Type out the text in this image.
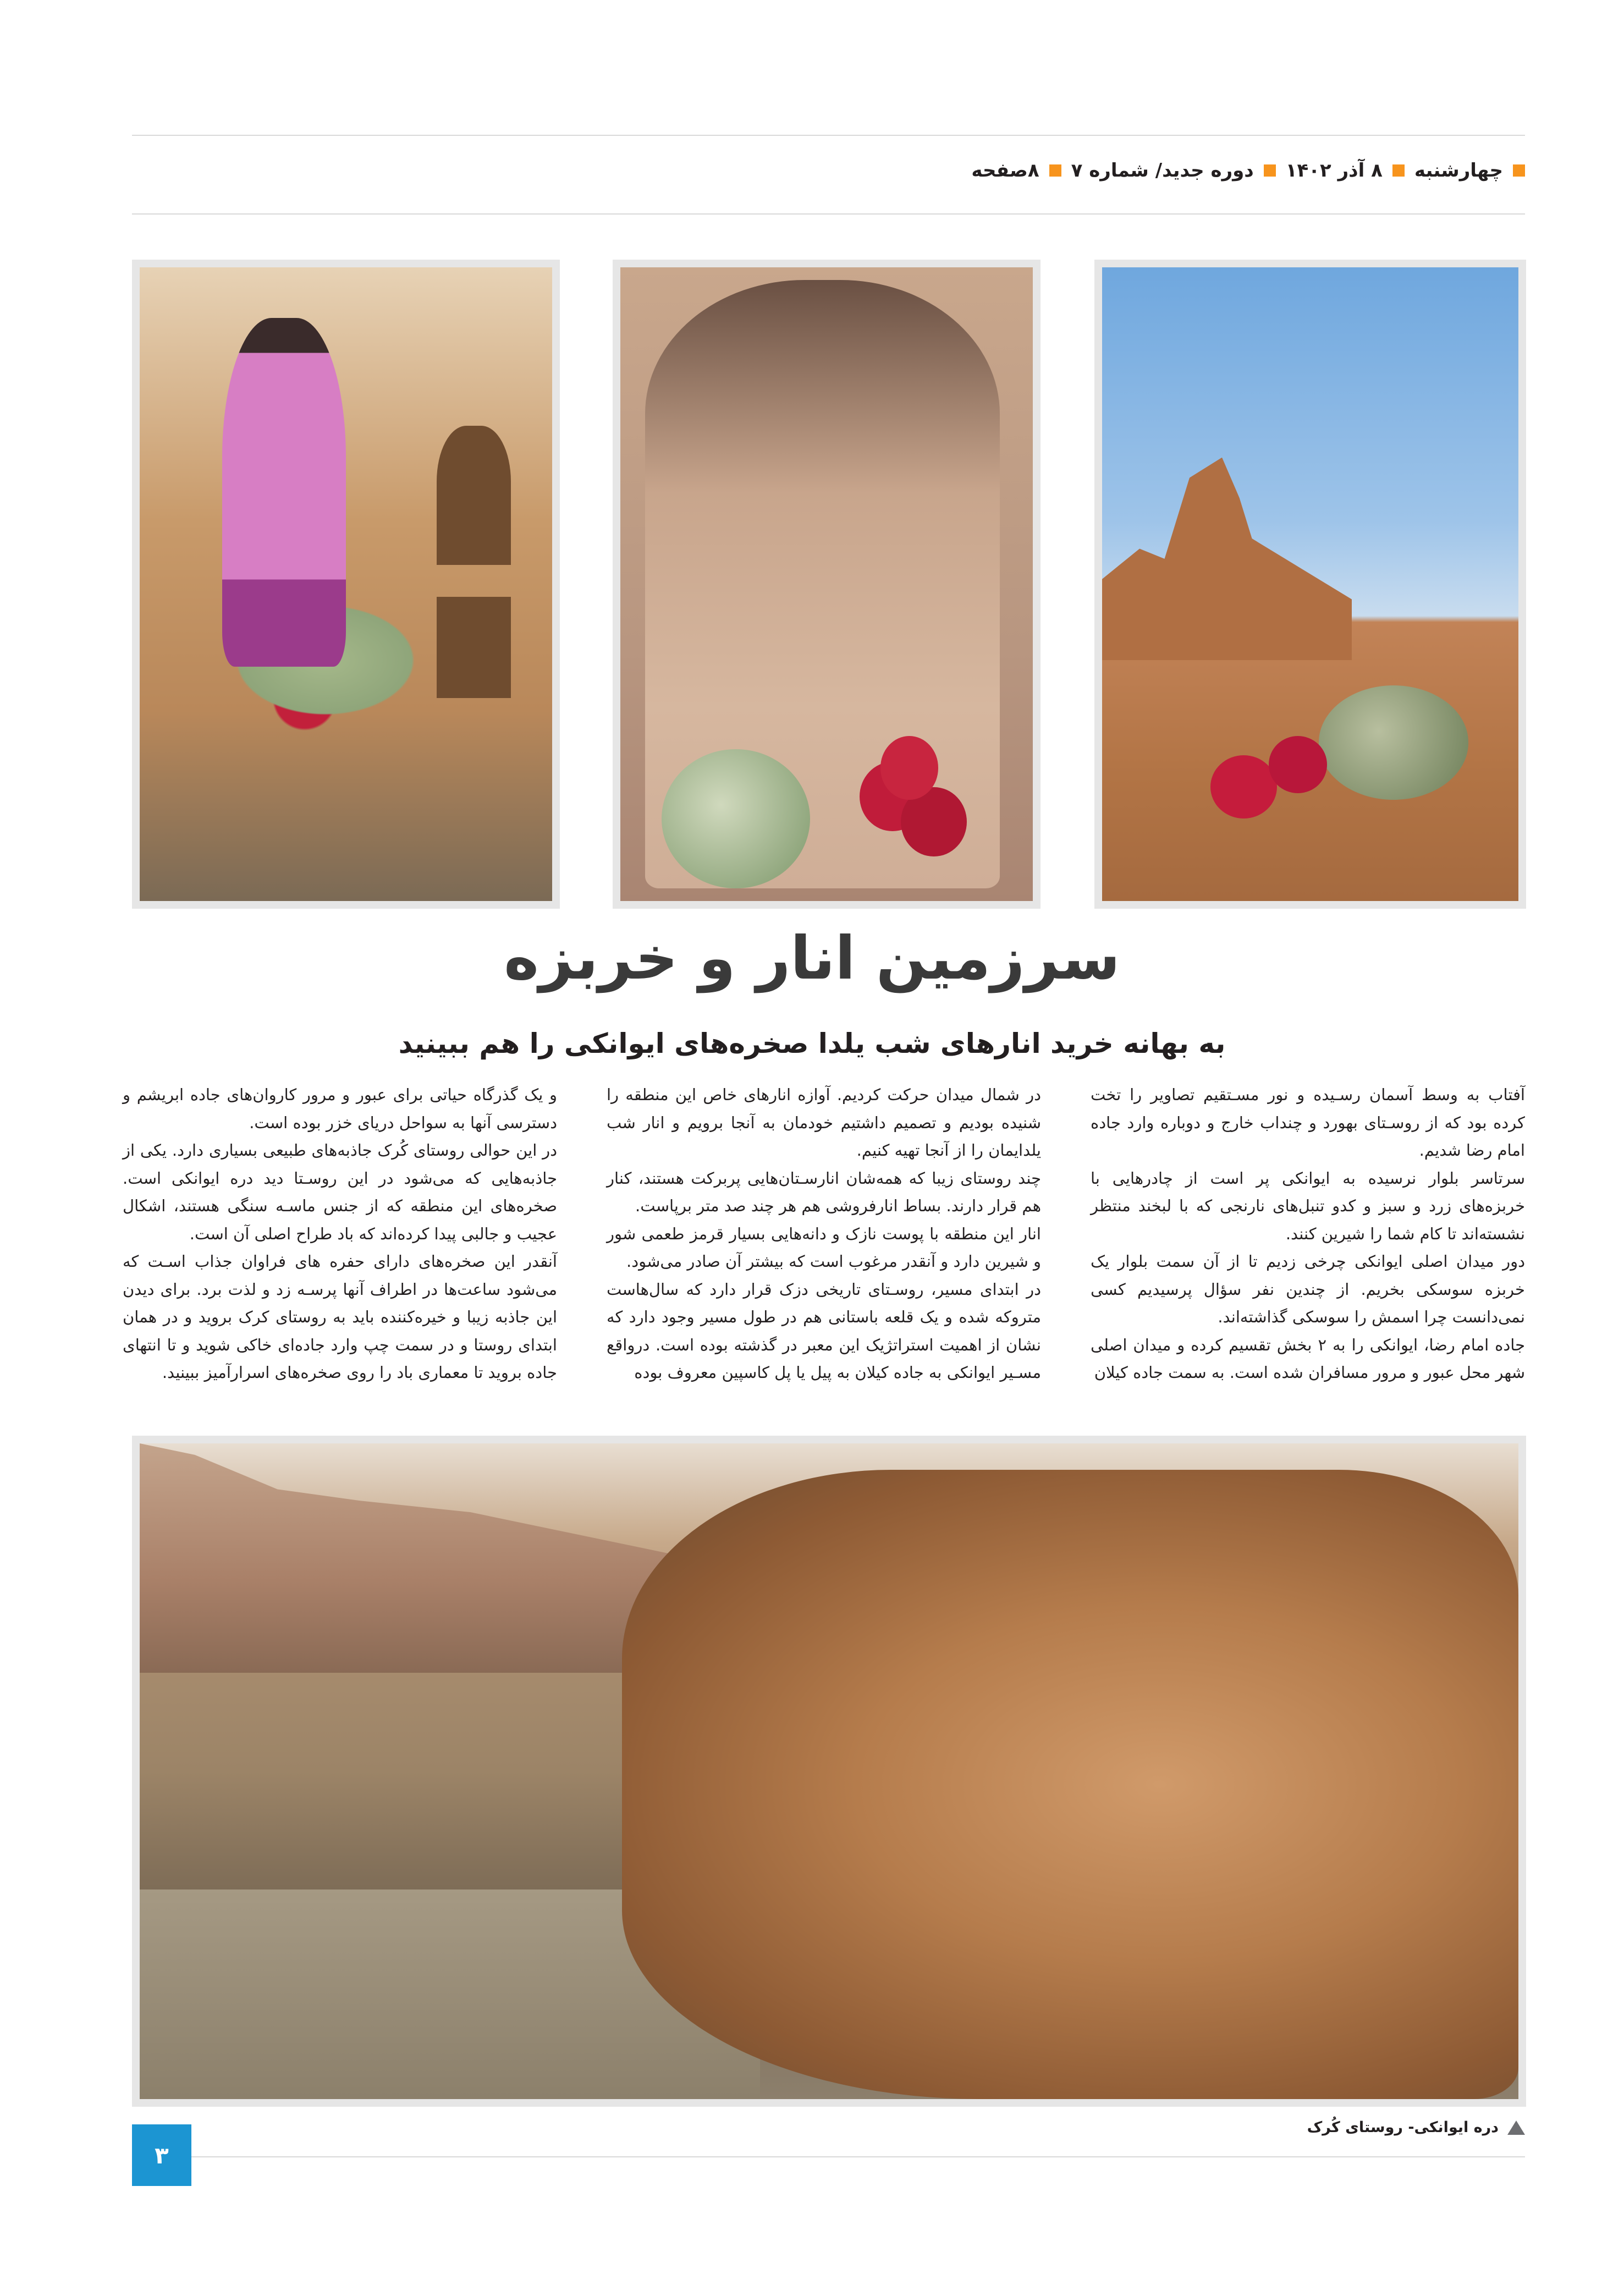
چهارشنبه
۸ آذر ۱۴۰۲
دوره جدید/ شماره ۷
۸صفحه
سرزمین انار و خربزه
به بهانه خرید انارهای شب یلدا صخره‌های ایوانکی را هم ببینید

آفتاب به وسط آسمان رسـیده و نور مسـتقیم تصاویر را تخت کرده بود که از روسـتای بهورد و چنداب خارج و دوباره وارد جاده امام رضا شدیم.

سرتاسر بلوار نرسیده به ایوانکی پر است از چادرهایی با خربزه‌های زرد و سبز و کدو تنبل‌های نارنجی که با لبخند منتظر نشسته‌اند تا کام شما را شیرین کنند.

دور میدان اصلی ایوانکی چرخی زدیم تا از آن سمت بلوار یک خربزه سوسکی بخریم. از چندین نفر سؤال پرسیدیم کسی نمی‌دانست چرا اسمش را سوسکی گذاشته‌اند.

جاده امام رضا، ایوانکی را به ۲ بخش تقسیم کرده و میدان اصلی شهر محل عبور و مرور مسافران شده است. به سمت جاده کیلان

در شمال میدان حرکت کردیم. آوازه انارهای خاص این منطقه را شنیده بودیم و تصمیم داشتیم خودمان به آنجا برویم و انار شب یلدایمان را از آنجا تهیه کنیم.

چند روستای زیبا که همه‌شان انارسـتان‌هایی پربرکت هستند، کنار هم قرار دارند. بساط انارفروشی هم هر چند صد متر برپاست.

انار این منطقه با پوست نازک و دانه‌هایی بسیار قرمز طعمی شور و شیرین دارد و آنقدر مرغوب است که بیشتر آن صادر می‌شود.

در ابتدای مسیر، روسـتای تاریخی دزک قرار دارد که سال‌هاست متروکه شده و یک قلعه باستانی هم در طول مسیر وجود دارد که نشان از اهمیت استراتژیک این معبر در گذشته بوده است. درواقع مسـیر ایوانکی به جاده کیلان به پیل یا پل کاسپین معروف بوده

و یک گذرگاه حیاتی برای عبور و مرور کاروان‌های جاده ابریشم و دسترسی آنها به سواحل دریای خزر بوده است.

در این حوالی روستای کُرک جاذبه‌های طبیعی بسیاری دارد. یکی از جاذبه‌هایی که می‌شود در این روسـتا دید دره ایوانکی است. صخره‌های این منطقه که از جنس ماسـه سنگی هستند، اشکال عجیب و جالبی پیدا کرده‌اند که باد طراح اصلی آن است.

آنقدر این صخره‌های دارای حفره های فراوان جذاب اسـت که می‌شود ساعت‌ها در اطراف آنها پرسـه زد و لذت برد. برای دیدن این جاذبه زیبا و خیره‌کننده باید به روستای کرک بروید و در همان ابتدای روستا و در سمت چپ وارد جاده‌ای خاکی شوید و تا انتهای جاده بروید تا معماری باد را روی صخره‌های اسرارآمیز ببینید.

دره ایوانکی- روستای کُرک
۳
